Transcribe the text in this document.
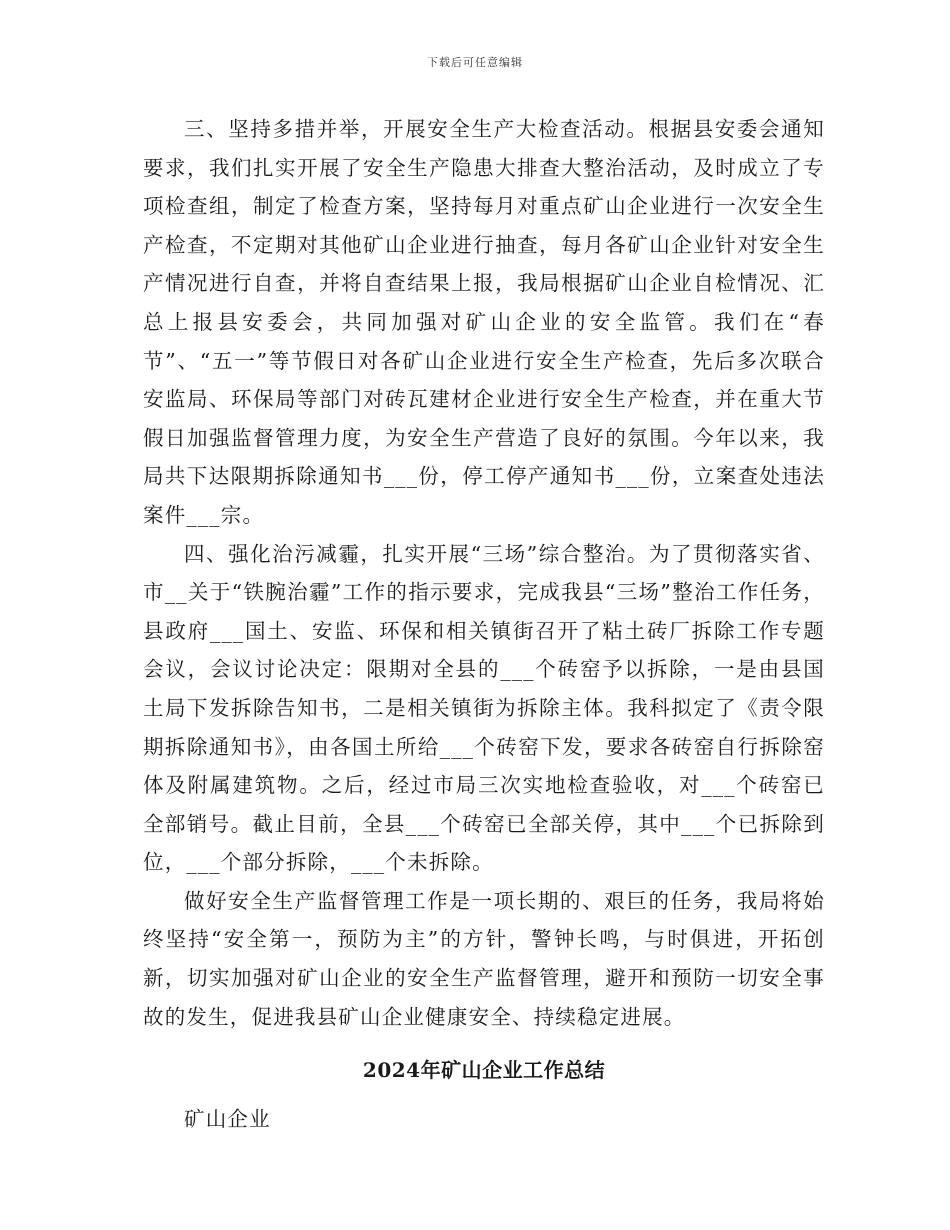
下载后可任意编辑

三、坚持多措并举，开展安全生产大检查活动。根据县安委会通知要求，我们扎实开展了安全生产隐患大排查大整治活动，及时成立了专项检查组，制定了检查方案，坚持每月对重点矿山企业进行一次安全生产检查，不定期对其他矿山企业进行抽查，每月各矿山企业针对安全生产情况进行自查，并将自查结果上报，我局根据矿山企业自检情况、汇总上报县安委会，共同加强对矿山企业的安全监管。我们在“春节”、“五一”等节假日对各矿山企业进行安全生产检查，先后多次联合安监局、环保局等部门对砖瓦建材企业进行安全生产检查，并在重大节假日加强监督管理力度，为安全生产营造了良好的氛围。今年以来，我局共下达限期拆除通知书___份，停工停产通知书___份，立案查处违法案件___宗。

四、强化治污减霾，扎实开展“三场”综合整治。为了贯彻落实省、市__关于“铁腕治霾”工作的指示要求，完成我县“三场”整治工作任务，县政府___国土、安监、环保和相关镇街召开了粘土砖厂拆除工作专题会议，会议讨论决定：限期对全县的___个砖窑予以拆除，一是由县国土局下发拆除告知书，二是相关镇街为拆除主体。我科拟定了《责令限期拆除通知书》，由各国土所给___个砖窑下发，要求各砖窑自行拆除窑体及附属建筑物。之后，经过市局三次实地检查验收，对___个砖窑已全部销号。截止目前，全县___个砖窑已全部关停，其中___个已拆除到位，___个部分拆除，___个未拆除。

做好安全生产监督管理工作是一项长期的、艰巨的任务，我局将始终坚持“安全第一，预防为主”的方针，警钟长鸣，与时俱进，开拓创新，切实加强对矿山企业的安全生产监督管理，避开和预防一切安全事故的发生，促进我县矿山企业健康安全、持续稳定进展。

2024年矿山企业工作总结

矿山企业
